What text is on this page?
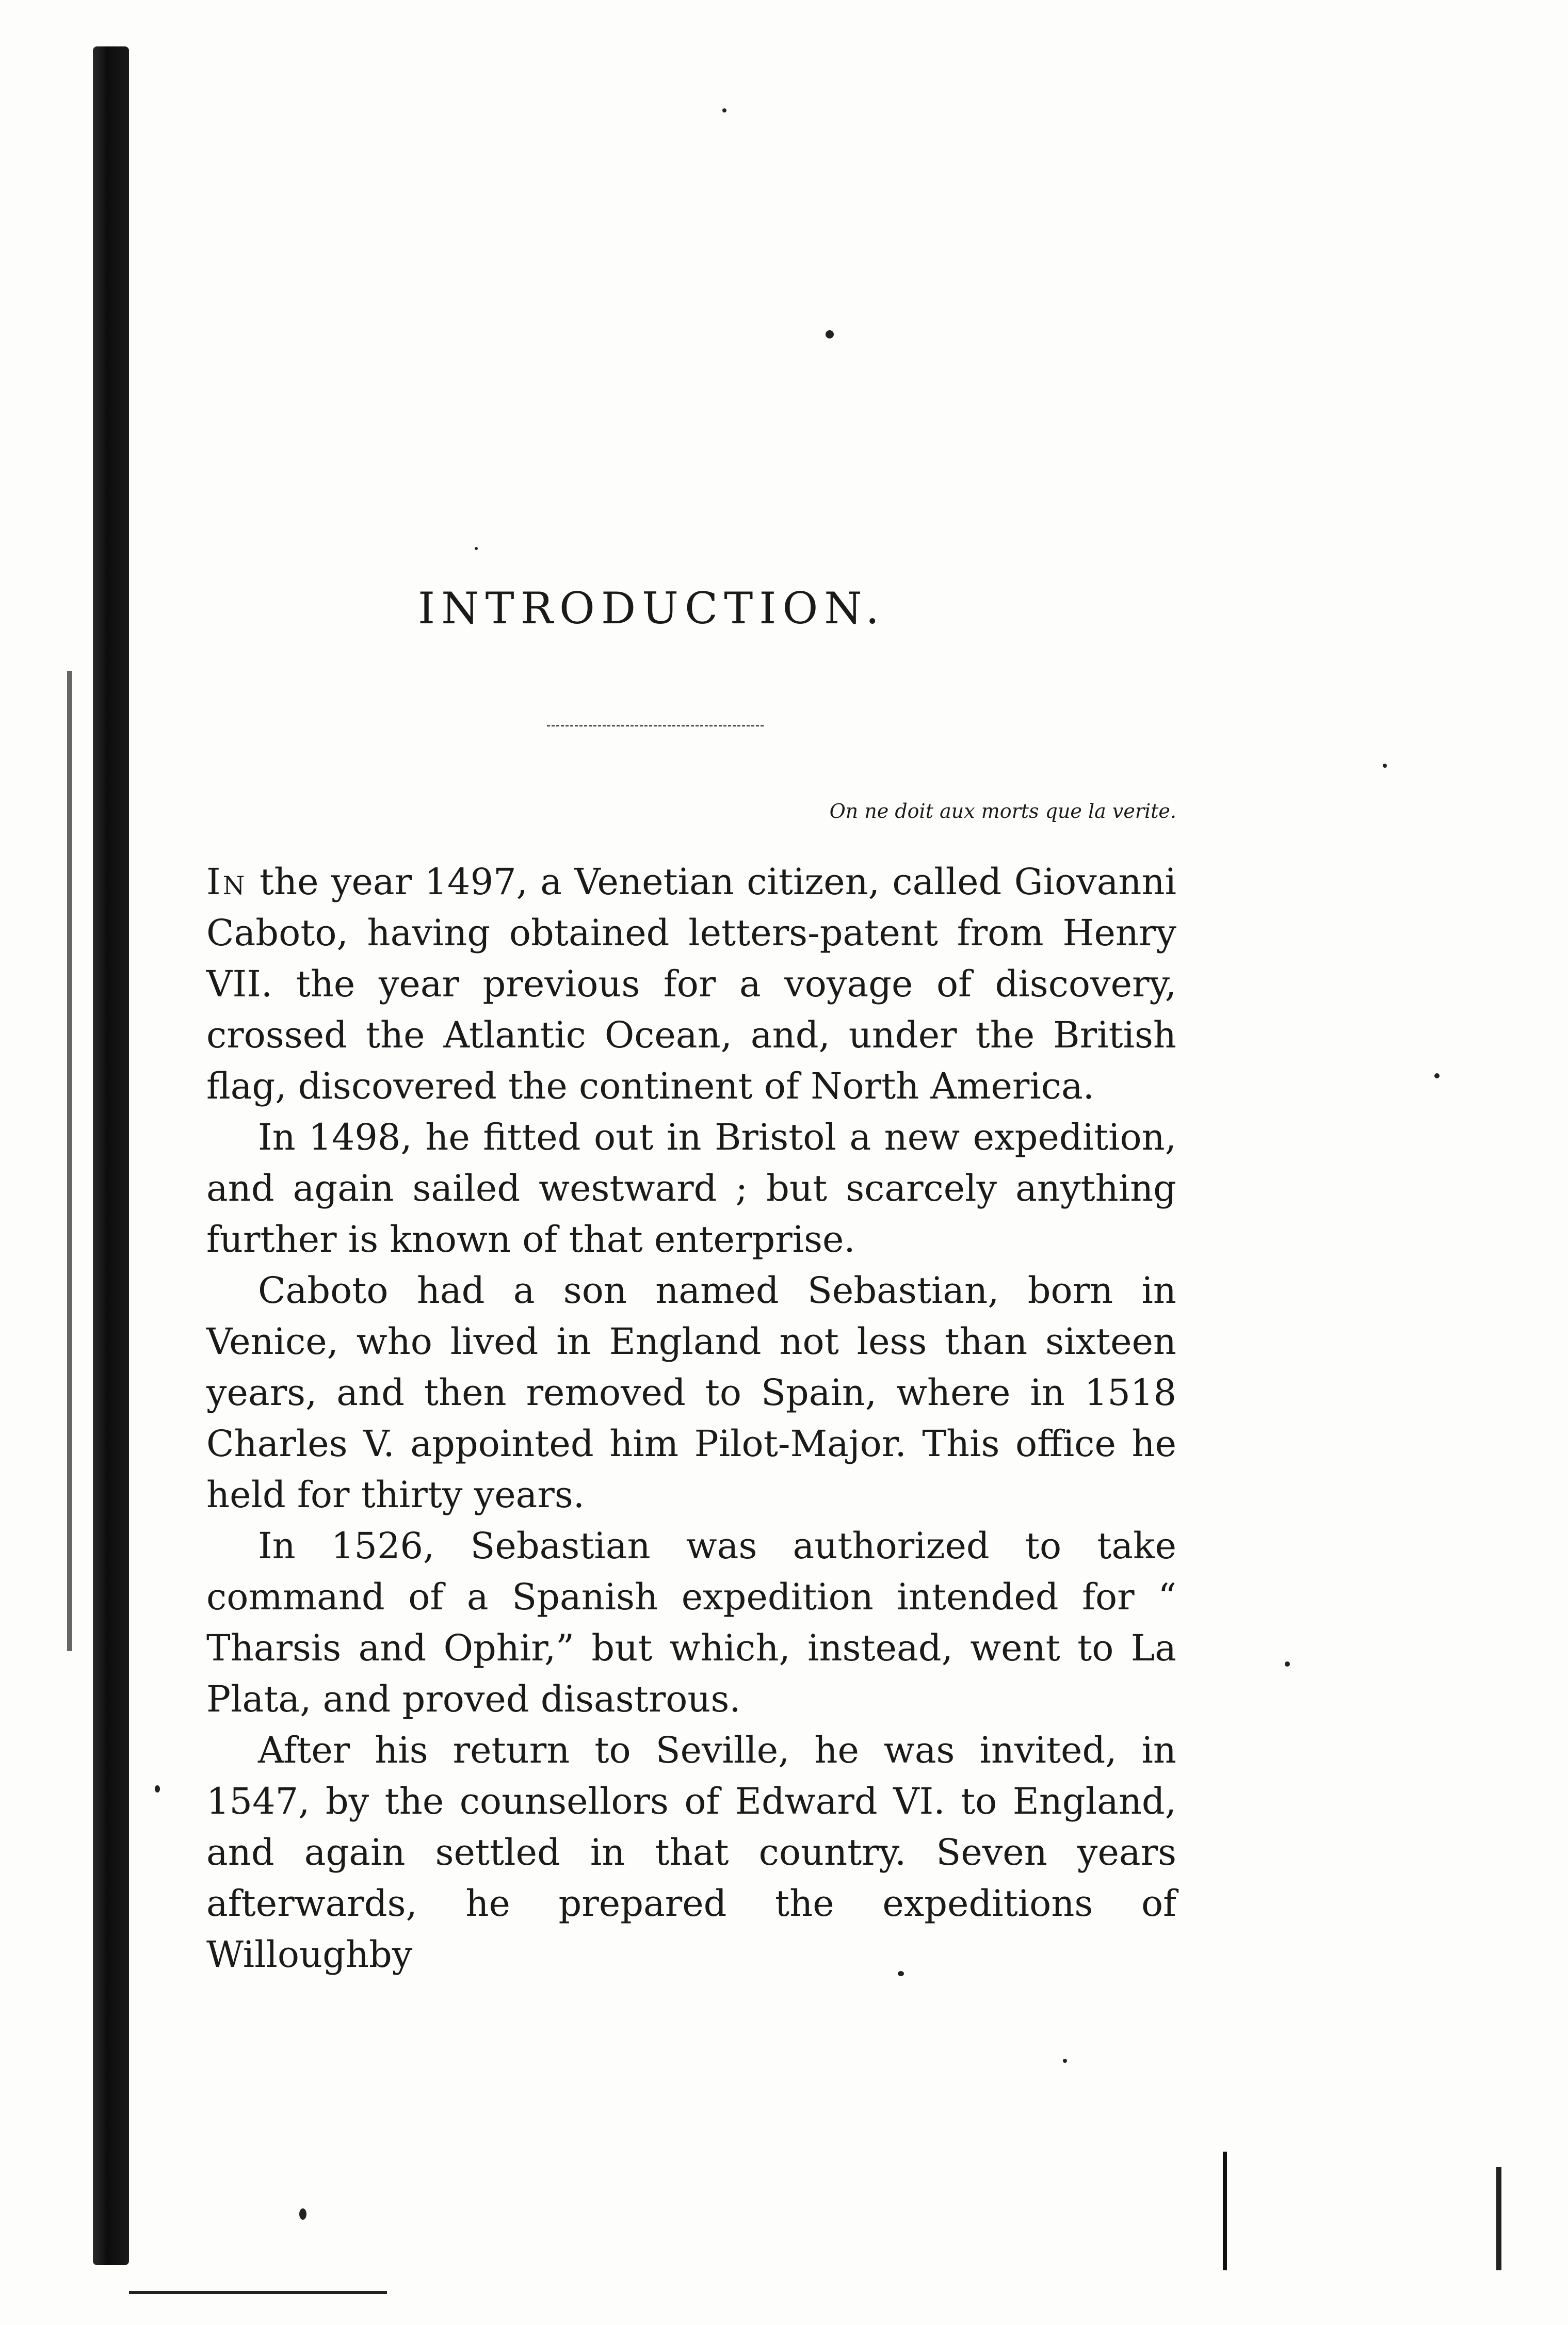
INTRODUCTION.

On ne doit aux morts que la verite.

In the year 1497, a Venetian citizen, called Giovanni Caboto, having obtained letters-patent from Henry VII. the year previous for a voyage of discovery, crossed the Atlantic Ocean, and, under the British flag, discovered the continent of North America.

In 1498, he fitted out in Bristol a new expedition, and again sailed westward ; but scarcely anything further is known of that enterprise.

Caboto had a son named Sebastian, born in Venice, who lived in England not less than sixteen years, and then removed to Spain, where in 1518 Charles V. appointed him Pilot-Major. This office he held for thirty years.

In 1526, Sebastian was authorized to take command of a Spanish expedition intended for “ Tharsis and Ophir,” but which, instead, went to La Plata, and proved disastrous.

After his return to Seville, he was invited, in 1547, by the counsellors of Edward VI. to England, and again settled in that country. Seven years afterwards, he prepared the expeditions of Willoughby
